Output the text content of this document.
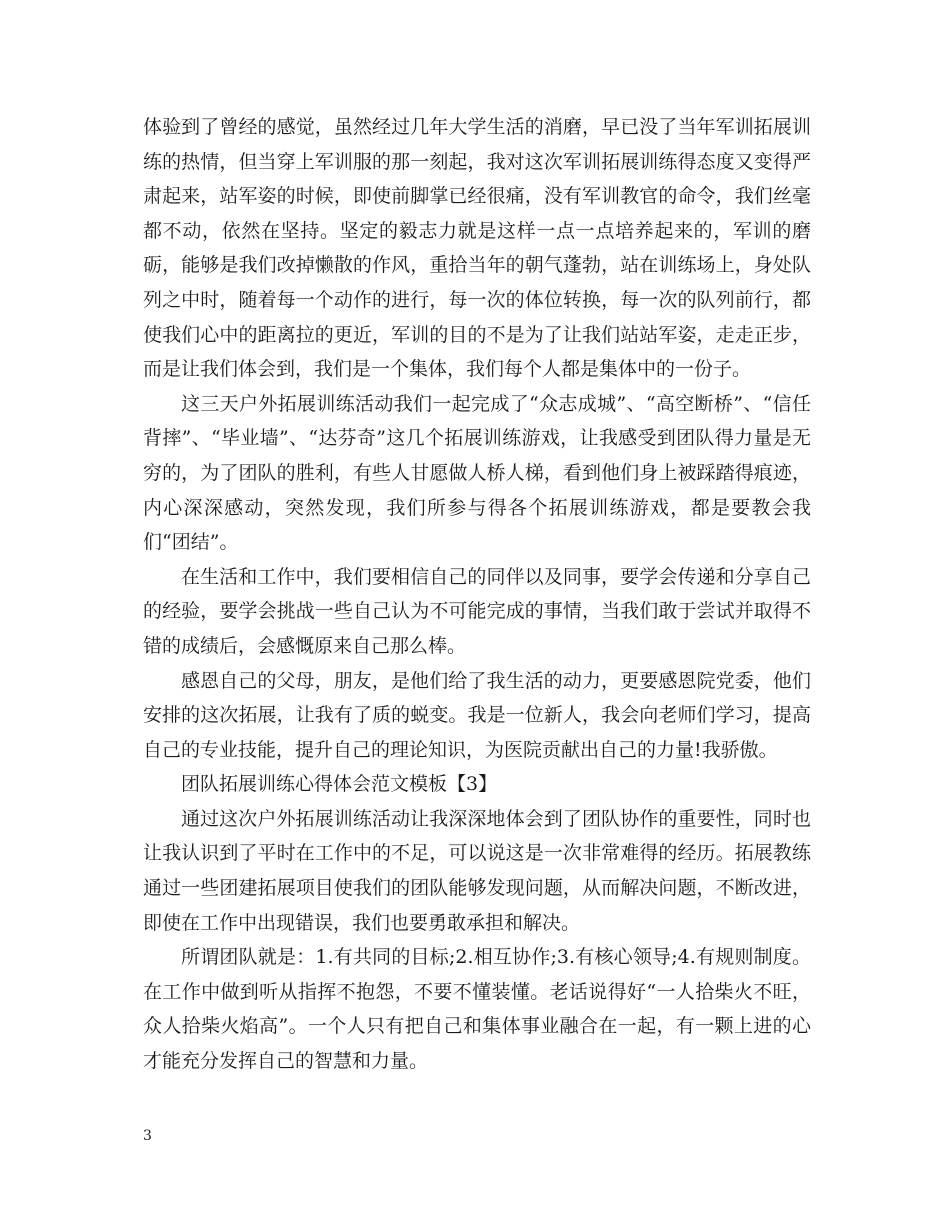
体验到了曾经的感觉，虽然经过几年大学生活的消磨，早已没了当年军训拓展训练的热情，但当穿上军训服的那一刻起，我对这次军训拓展训练得态度又变得严肃起来，站军姿的时候，即使前脚掌已经很痛，没有军训教官的命令，我们丝毫都不动，依然在坚持。坚定的毅志力就是这样一点一点培养起来的，军训的磨砺，能够是我们改掉懒散的作风，重拾当年的朝气蓬勃，站在训练场上，身处队列之中时，随着每一个动作的进行，每一次的体位转换，每一次的队列前行，都使我们心中的距离拉的更近，军训的目的不是为了让我们站站军姿，走走正步，而是让我们体会到，我们是一个集体，我们每个人都是集体中的一份子。

这三天户外拓展训练活动我们一起完成了“众志成城”、“高空断桥”、“信任背摔”、“毕业墙”、“达芬奇”这几个拓展训练游戏，让我感受到团队得力量是无穷的，为了团队的胜利，有些人甘愿做人桥人梯，看到他们身上被踩踏得痕迹，内心深深感动，突然发现，我们所参与得各个拓展训练游戏，都是要教会我们“团结”。

在生活和工作中，我们要相信自己的同伴以及同事，要学会传递和分享自己的经验，要学会挑战一些自己认为不可能完成的事情，当我们敢于尝试并取得不错的成绩后，会感慨原来自己那么棒。

感恩自己的父母，朋友，是他们给了我生活的动力，更要感恩院党委，他们安排的这次拓展，让我有了质的蜕变。我是一位新人，我会向老师们学习，提高自己的专业技能，提升自己的理论知识，为医院贡献出自己的力量!我骄傲。

团队拓展训练心得体会范文模板【3】

通过这次户外拓展训练活动让我深深地体会到了团队协作的重要性，同时也让我认识到了平时在工作中的不足，可以说这是一次非常难得的经历。拓展教练通过一些团建拓展项目使我们的团队能够发现问题，从而解决问题，不断改进，即使在工作中出现错误，我们也要勇敢承担和解决。

所谓团队就是：1.有共同的目标;2.相互协作;3.有核心领导;4.有规则制度。在工作中做到听从指挥不抱怨，不要不懂装懂。老话说得好“一人拾柴火不旺，众人拾柴火焰高”。一个人只有把自己和集体事业融合在一起，有一颗上进的心才能充分发挥自己的智慧和力量。

3
